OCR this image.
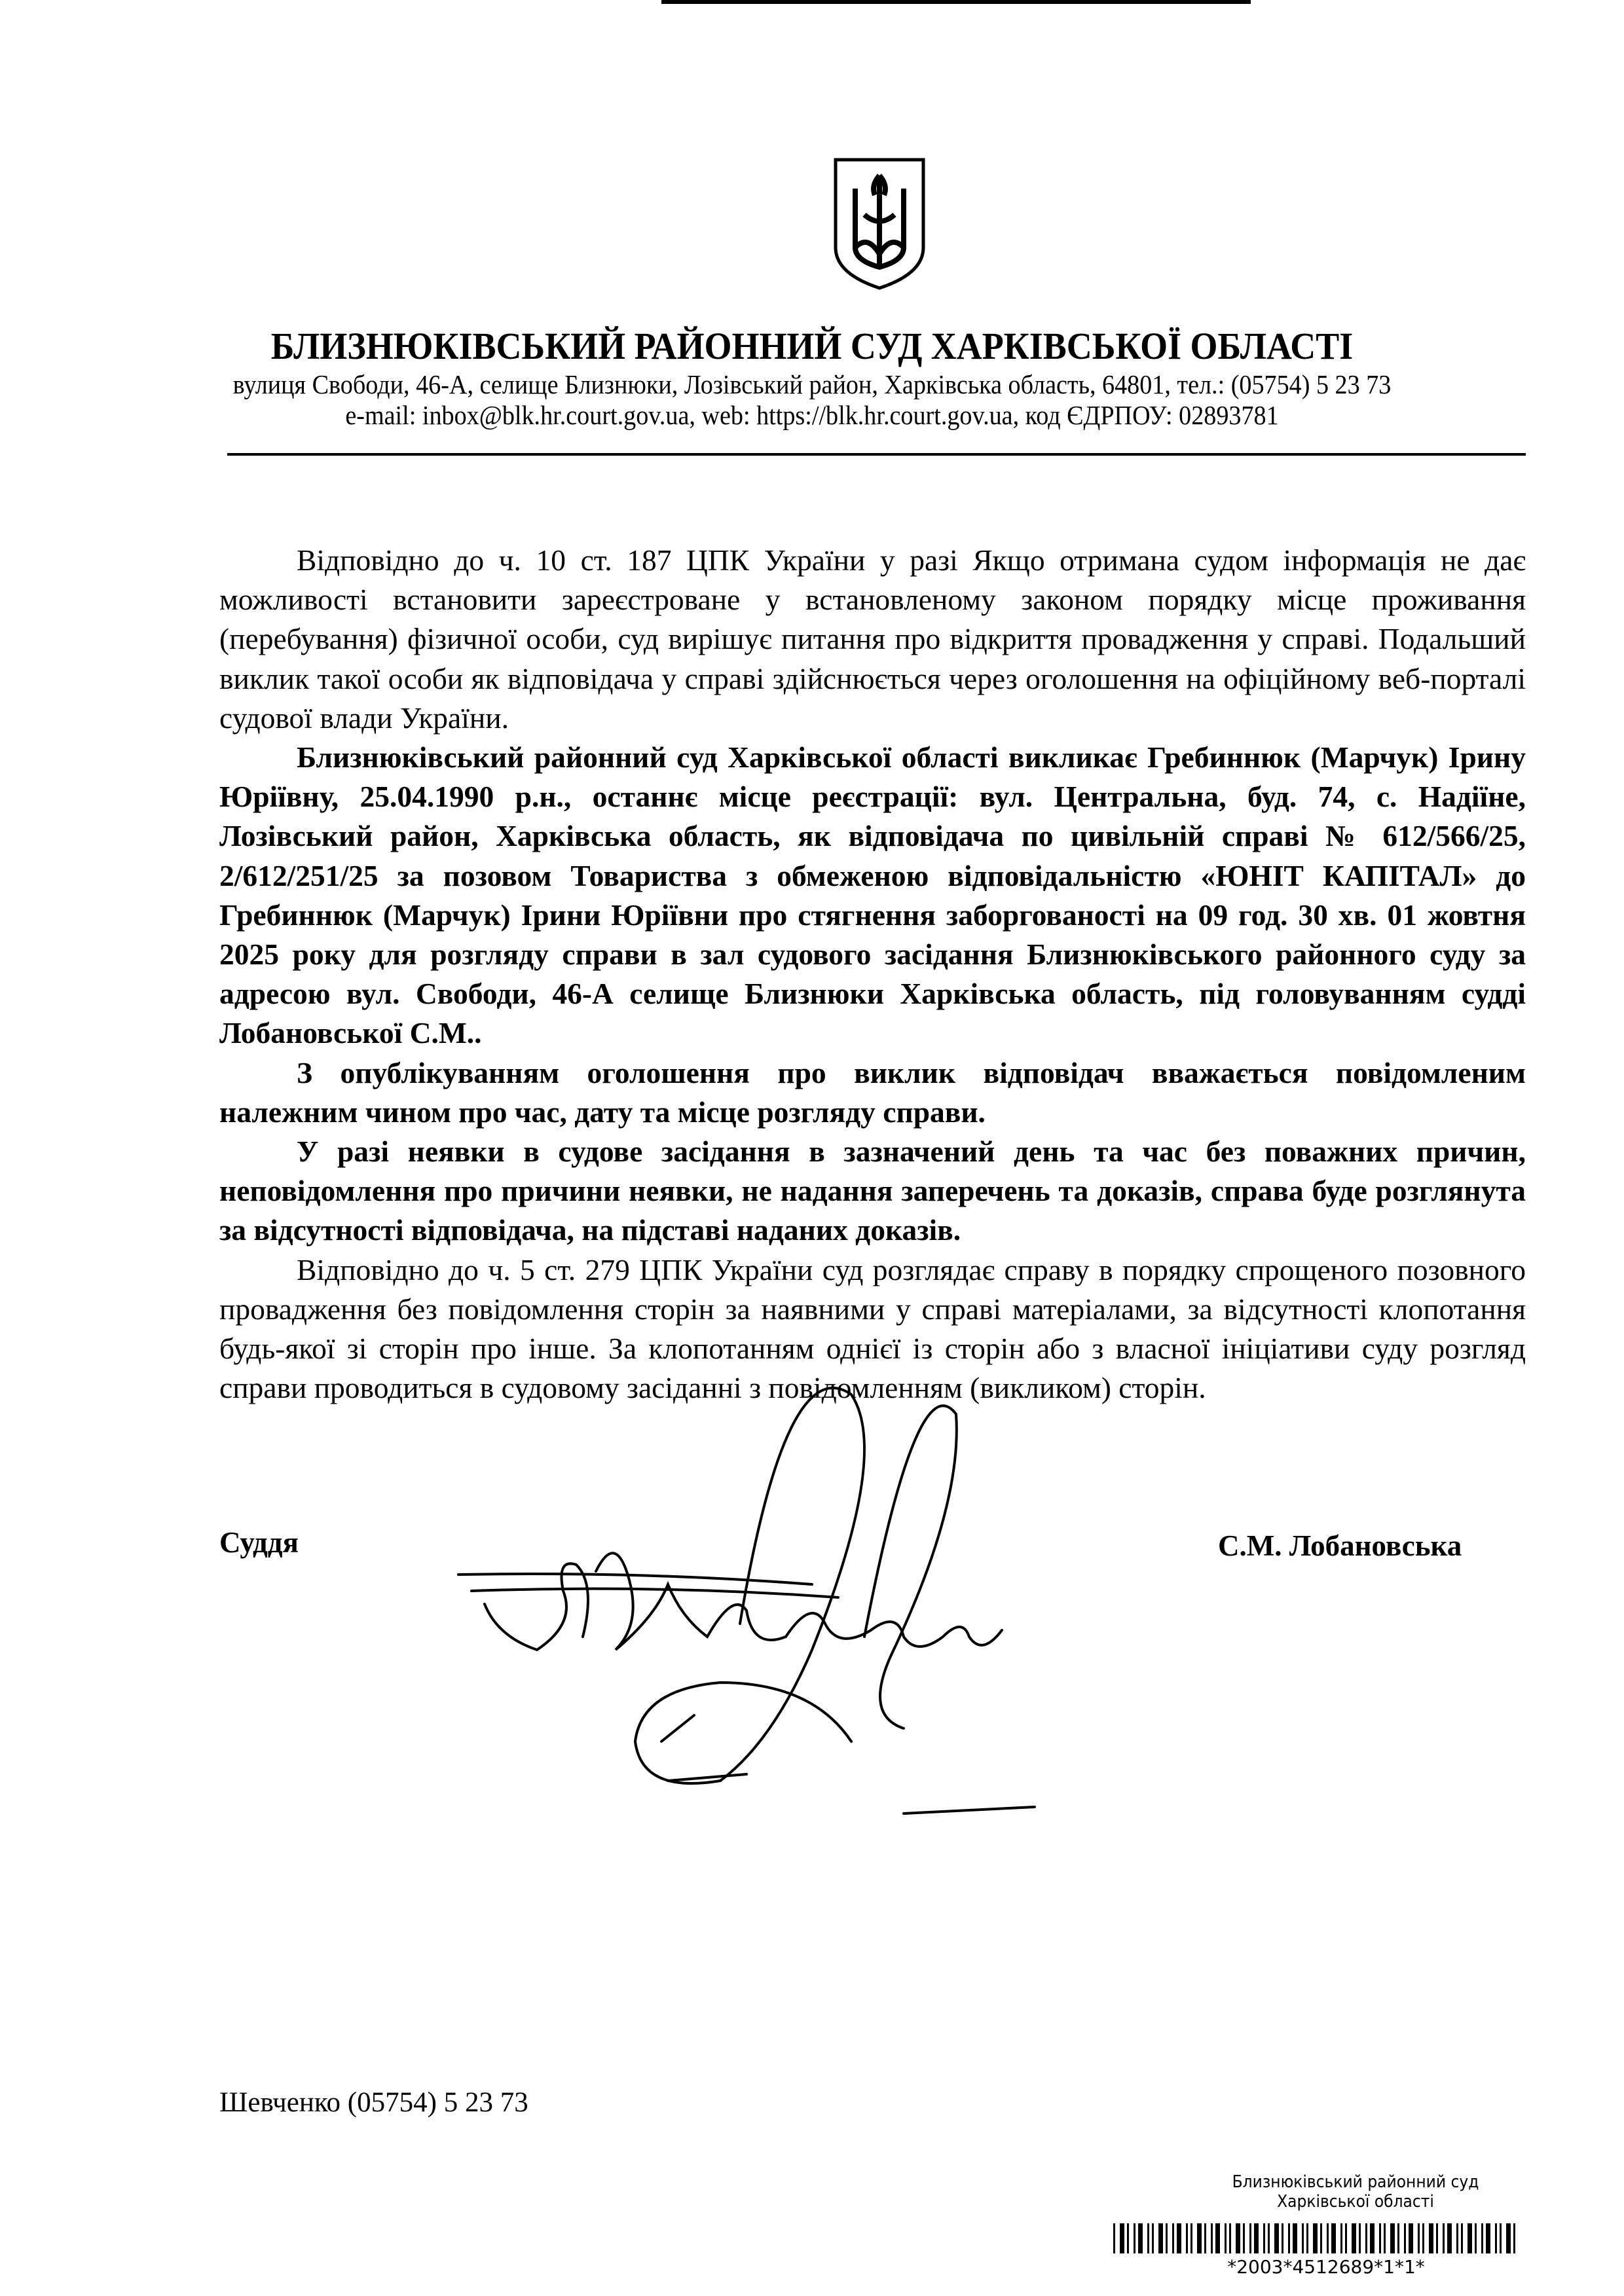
БЛИЗНЮКІВСЬКИЙ РАЙОННИЙ СУД ХАРКІВСЬКОЇ ОБЛАСТІ
вулиця Свободи, 46-А, селище Близнюки, Лозівський район, Харківська область, 64801, тел.: (05754) 5 23 73
e-mail: inbox@blk.hr.court.gov.ua, web: https://blk.hr.court.gov.ua, код ЄДРПОУ: 02893781

Відповідно до ч. 10 ст. 187 ЦПК України у разі Якщо отримана судом інформація не дає можливості встановити зареєстроване у встановленому законом порядку місце проживання (перебування) фізичної особи, суд вирішує питання про відкриття провадження у справі. Подальший виклик такої особи як відповідача у справі здійснюється через оголошення на офіційному веб-порталі судової влади України.

Близнюківський районний суд Харківської області викликає Гребиннюк (Марчук) Ірину Юріївну, 25.04.1990 р.н., останнє місце реєстрації: вул. Центральна, буд. 74, с. Надіїне, Лозівський район, Харківська область, як відповідача по цивільній справі № 612/566/25, 2/612/251/25 за позовом Товариства з обмеженою відповідальністю «ЮНІТ КАПІТАЛ» до Гребиннюк (Марчук) Ірини Юріївни про стягнення заборгованості на 09 год. 30 хв. 01 жовтня 2025 року для розгляду справи в зал судового засідання Близнюківського районного суду за адресою вул. Свободи, 46-А селище Близнюки Харківська область, під головуванням судді Лобановської С.М..

З опублікуванням оголошення про виклик відповідач вважається повідомленим належним чином про час, дату та місце розгляду справи.

У разі неявки в судове засідання в зазначений день та час без поважних причин, неповідомлення про причини неявки, не надання заперечень та доказів, справа буде розглянута за відсутності відповідача, на підставі наданих доказів.

Відповідно до ч. 5 ст. 279 ЦПК України суд розглядає справу в порядку спрощеного позовного провадження без повідомлення сторін за наявними у справі матеріалами, за відсутності клопотання будь-якої зі сторін про інше. За клопотанням однієї із сторін або з власної ініціативи суду розгляд справи проводиться в судовому засіданні з повідомленням (викликом) сторін.

Суддя	С.М. Лобановська
Шевченко (05754) 5 23 73
Близнюківський районний суд
Харківської області
*2003*4512689*1*1*
